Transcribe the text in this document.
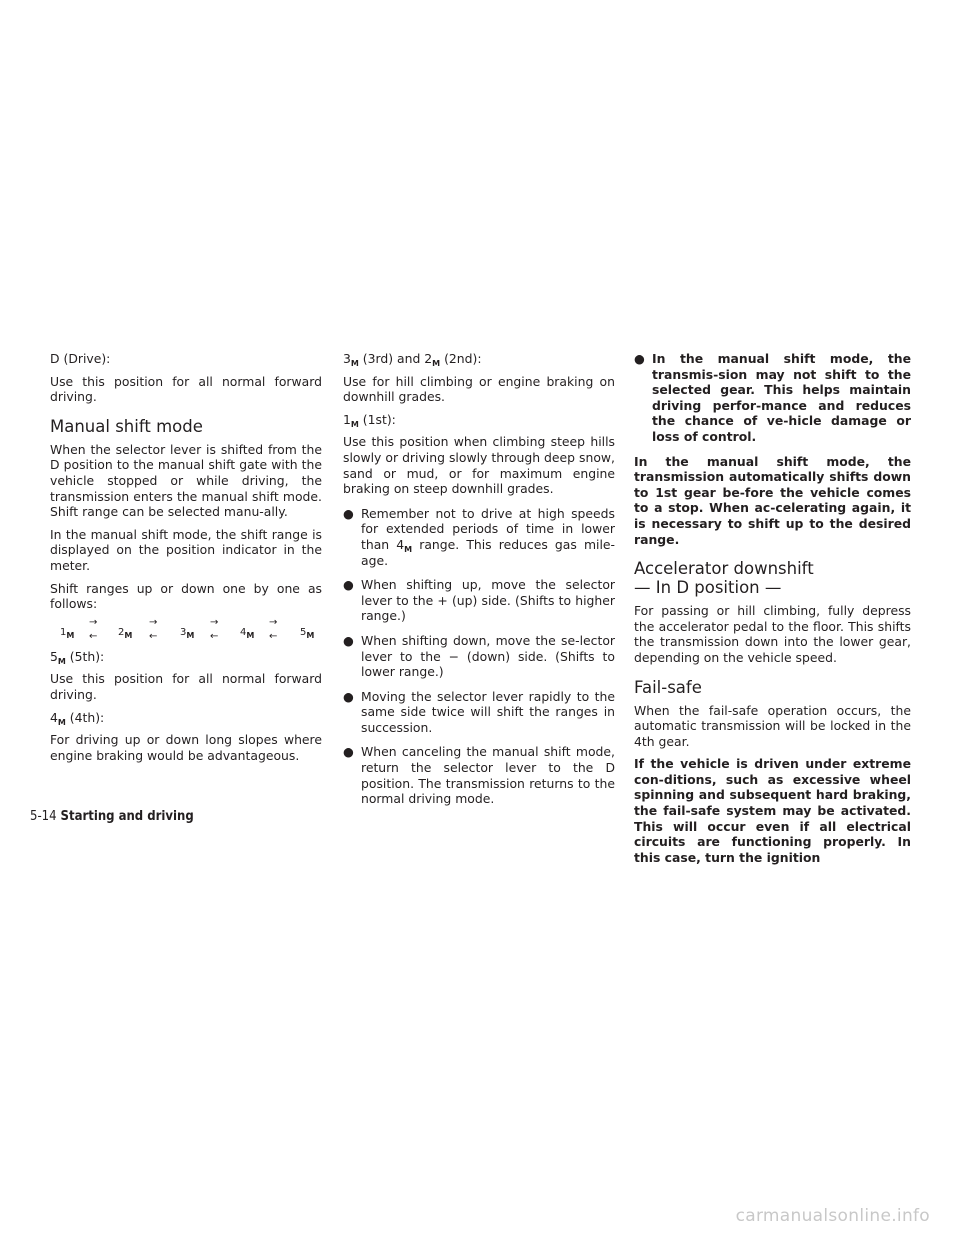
D (Drive):

Use this position for all normal forward driving.

Manual shift mode

When the selector lever is shifted from the D position to the manual shift gate with the vehicle stopped or while driving, the transmission enters the manual shift mode. Shift range can be selected manu-ally.

In the manual shift mode, the shift range is displayed on the position indicator in the meter.

Shift ranges up or down one by one as follows:

$1_M$
→
← $2_M$
→
← $3_M$
→
← $4_M$
→
← $5_M$

$5_M$ (5th):

Use this position for all normal forward driving.

$4_M$ (4th):

For driving up or down long slopes where engine braking would be advantageous.

$3_M$ (3rd) and $2_M$ (2nd):

Use for hill climbing or engine braking on downhill grades.

$1_M$ (1st):

Use this position when climbing steep hills slowly or driving slowly through deep snow, sand or mud, or for maximum engine braking on steep downhill grades.

● Remember not to drive at high speeds for extended periods of time in lower than $4_M$ range. This reduces gas mile-age.
● When shifting up, move the selector lever to the + (up) side. (Shifts to higher range.)
● When shifting down, move the se-lector lever to the − (down) side. (Shifts to lower range.)
● Moving the selector lever rapidly to the same side twice will shift the ranges in succession.
● When canceling the manual shift mode, return the selector lever to the D position. The transmission returns to the normal driving mode.
● In the manual shift mode, the transmis-sion may not shift to the selected gear. This helps maintain driving perfor-mance and reduces the chance of ve-hicle damage or loss of control.

In the manual shift mode, the transmission automatically shifts down to 1st gear be-fore the vehicle comes to a stop. When ac-celerating again, it is necessary to shift up to the desired range.

Accelerator downshift
— In D position —

For passing or hill climbing, fully depress the accelerator pedal to the floor. This shifts the transmission down into the lower gear, depending on the vehicle speed.

Fail-safe

When the fail-safe operation occurs, the automatic transmission will be locked in the 4th gear.

If the vehicle is driven under extreme con-ditions, such as excessive wheel spinning and subsequent hard braking, the fail-safe system may be activated. This will occur even if all electrical circuits are functioning properly. In this case, turn the ignition

5-14 Starting and driving
carmanualsonline.info
